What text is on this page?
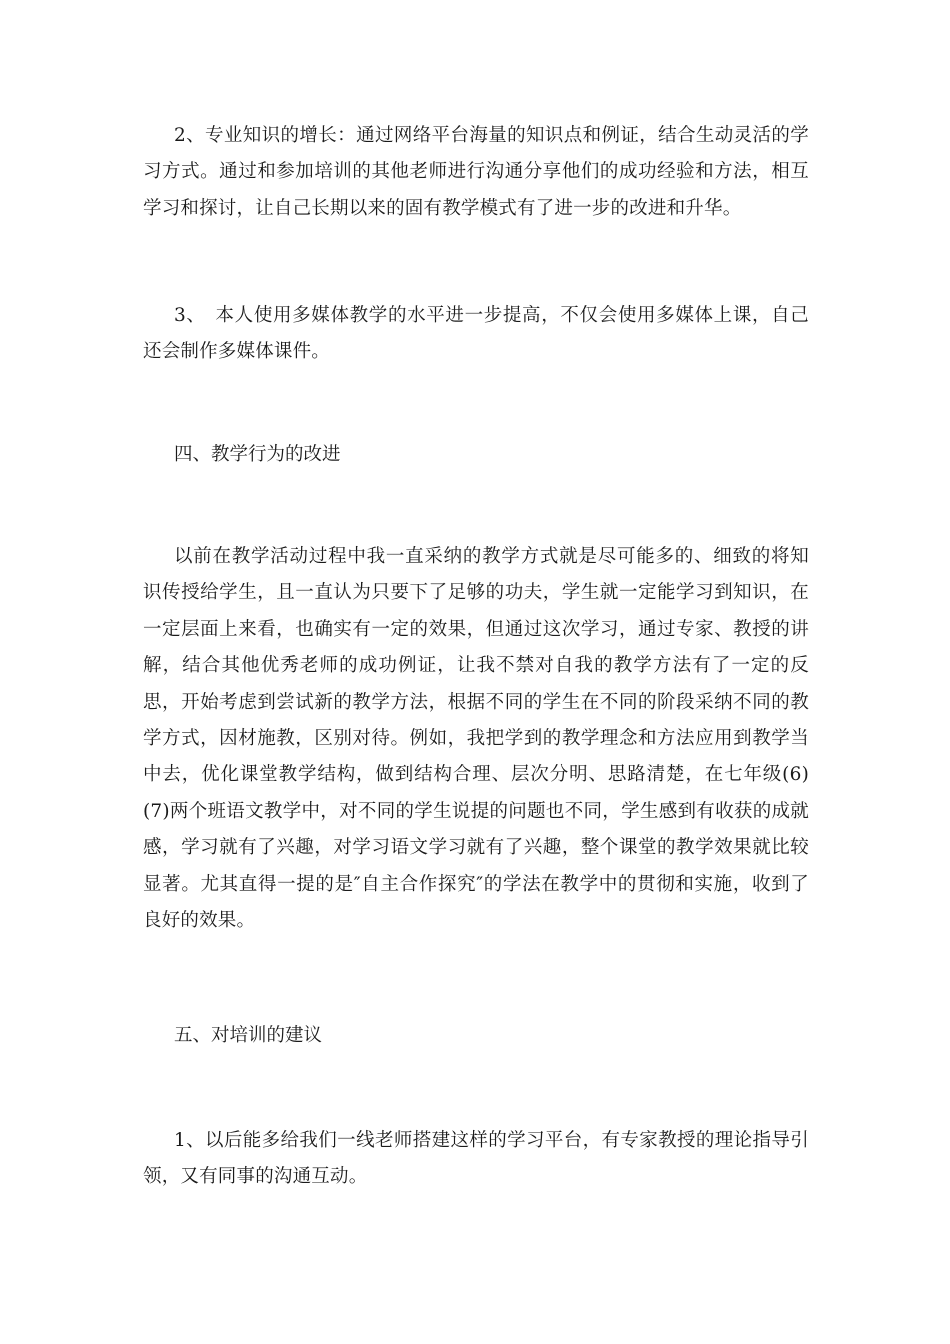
2、专业知识的增长：通过网络平台海量的知识点和例证，结合生动灵活的学习方式。通过和参加培训的其他老师进行沟通分享他们的成功经验和方法，相互学习和探讨，让自己长期以来的固有教学模式有了进一步的改进和升华。

3、　本人使用多媒体教学的水平进一步提高，不仅会使用多媒体上课，自己还会制作多媒体课件。

四、教学行为的改进

以前在教学活动过程中我一直采纳的教学方式就是尽可能多的、细致的将知识传授给学生，且一直认为只要下了足够的功夫，学生就一定能学习到知识，在一定层面上来看，也确实有一定的效果，但通过这次学习，通过专家、教授的讲解，结合其他优秀老师的成功例证，让我不禁对自我的教学方法有了一定的反思，开始考虑到尝试新的教学方法，根据不同的学生在不同的阶段采纳不同的教学方式，因材施教，区别对待。例如，我把学到的教学理念和方法应用到教学当中去，优化课堂教学结构，做到结构合理、层次分明、思路清楚，在七年级(6)(7)两个班语文教学中，对不同的学生说提的问题也不同，学生感到有收获的成就感，学习就有了兴趣，对学习语文学习就有了兴趣，整个课堂的教学效果就比较显著。尤其直得一提的是″自主合作探究″的学法在教学中的贯彻和实施，收到了良好的效果。

五、对培训的建议

1、以后能多给我们一线老师搭建这样的学习平台，有专家教授的理论指导引领，又有同事的沟通互动。
